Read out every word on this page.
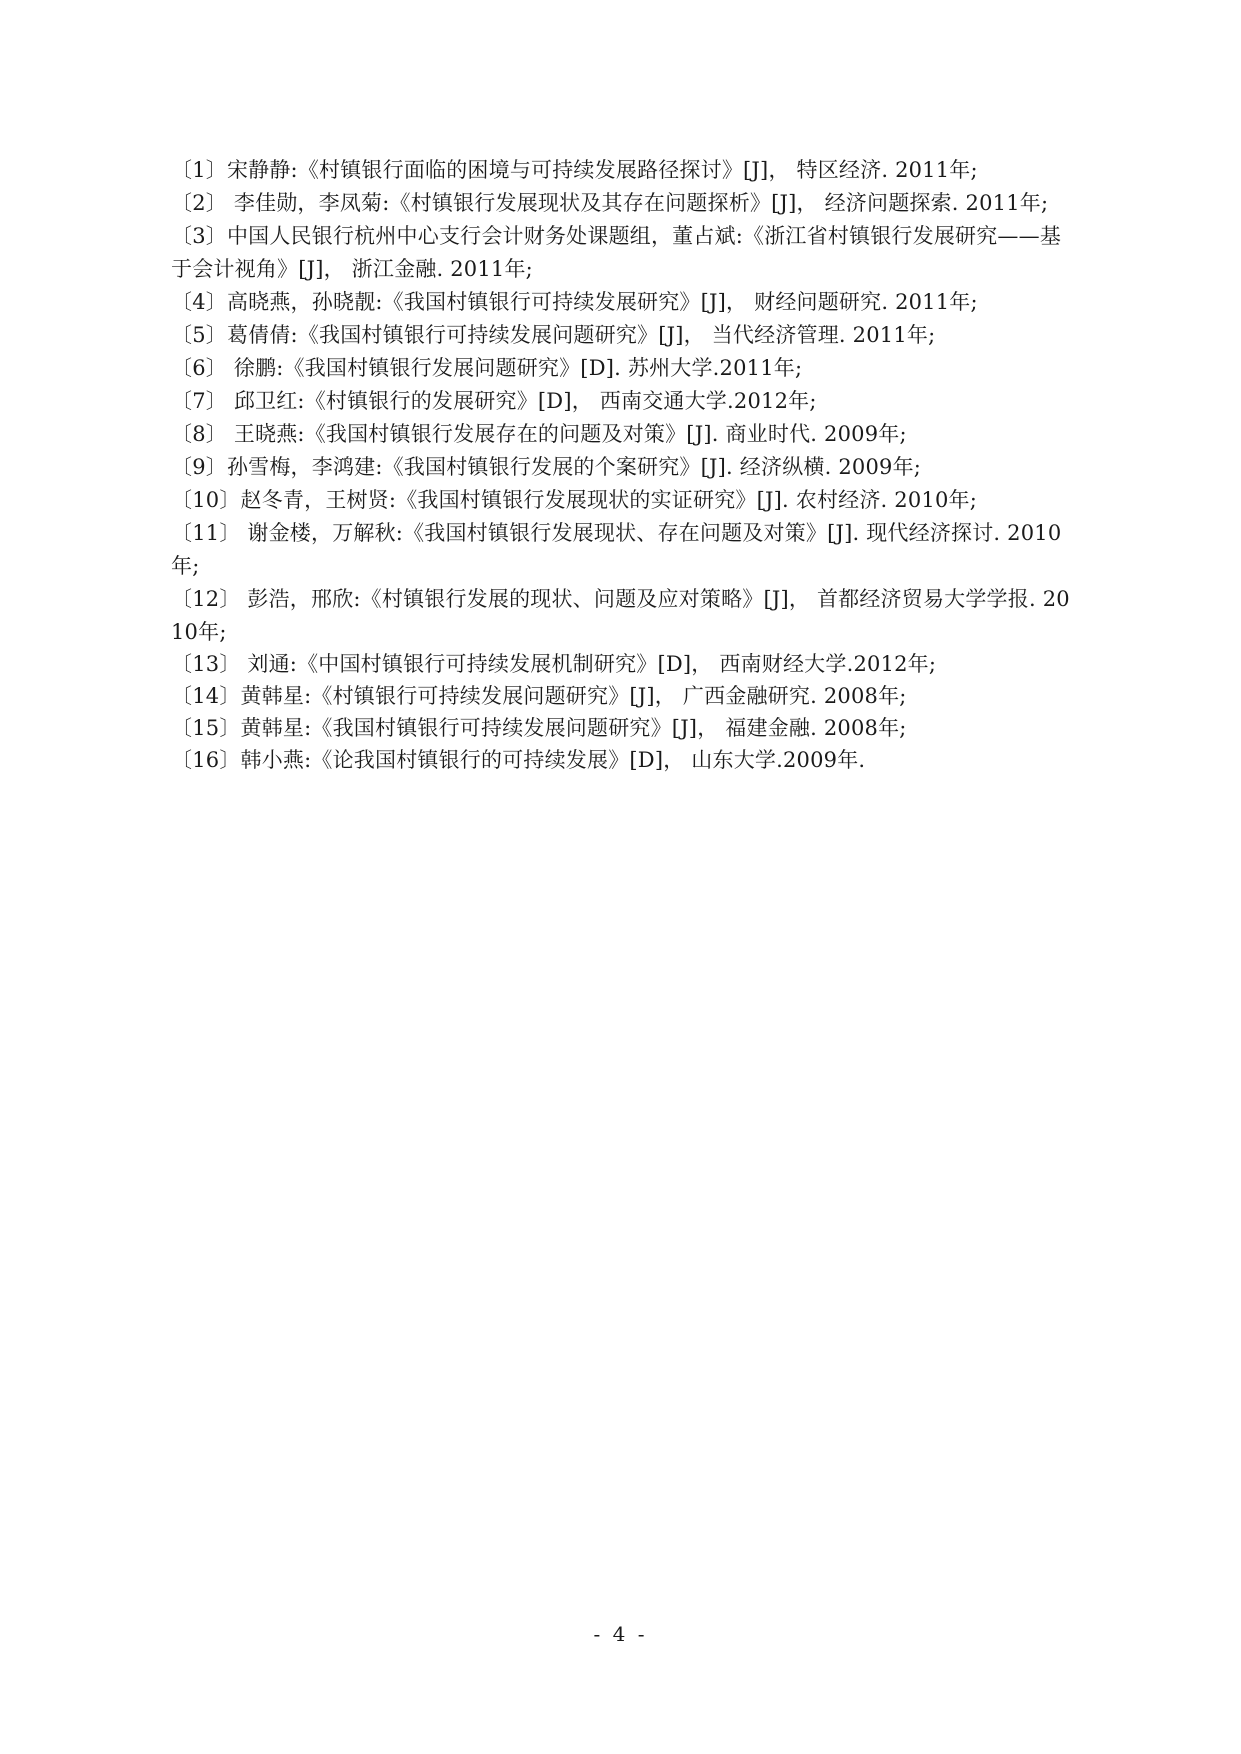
〔1〕宋静静:《村镇银行面临的困境与可持续发展路径探讨》[J]， 特区经济. 2011年;
〔2〕 李佳勋，李凤菊:《村镇银行发展现状及其存在问题探析》[J]， 经济问题探索. 2011年;
〔3〕中国人民银行杭州中心支行会计财务处课题组，董占斌:《浙江省村镇银行发展研究——基于会计视角》[J]， 浙江金融. 2011年;
〔4〕高晓燕，孙晓靓:《我国村镇银行可持续发展研究》[J]， 财经问题研究. 2011年;
〔5〕葛倩倩:《我国村镇银行可持续发展问题研究》[J]， 当代经济管理. 2011年;
〔6〕 徐鹏:《我国村镇银行发展问题研究》[D]. 苏州大学.2011年;
〔7〕 邱卫红:《村镇银行的发展研究》[D]， 西南交通大学.2012年;
〔8〕 王晓燕:《我国村镇银行发展存在的问题及对策》[J]. 商业时代. 2009年;
〔9〕孙雪梅，李鸿建:《我国村镇银行发展的个案研究》[J]. 经济纵横. 2009年;
〔10〕赵冬青，王树贤:《我国村镇银行发展现状的实证研究》[J]. 农村经济. 2010年;
〔11〕 谢金楼，万解秋:《我国村镇银行发展现状、存在问题及对策》[J]. 现代经济探讨. 2010年;
〔12〕 彭浩，邢欣:《村镇银行发展的现状、问题及应对策略》[J]， 首都经济贸易大学学报. 2010年;
〔13〕 刘通:《中国村镇银行可持续发展机制研究》[D]， 西南财经大学.2012年;
〔14〕黄韩星:《村镇银行可持续发展问题研究》[J]， 广西金融研究. 2008年;
〔15〕黄韩星:《我国村镇银行可持续发展问题研究》[J]， 福建金融. 2008年;
〔16〕韩小燕:《论我国村镇银行的可持续发展》[D]， 山东大学.2009年.
- 4 -
